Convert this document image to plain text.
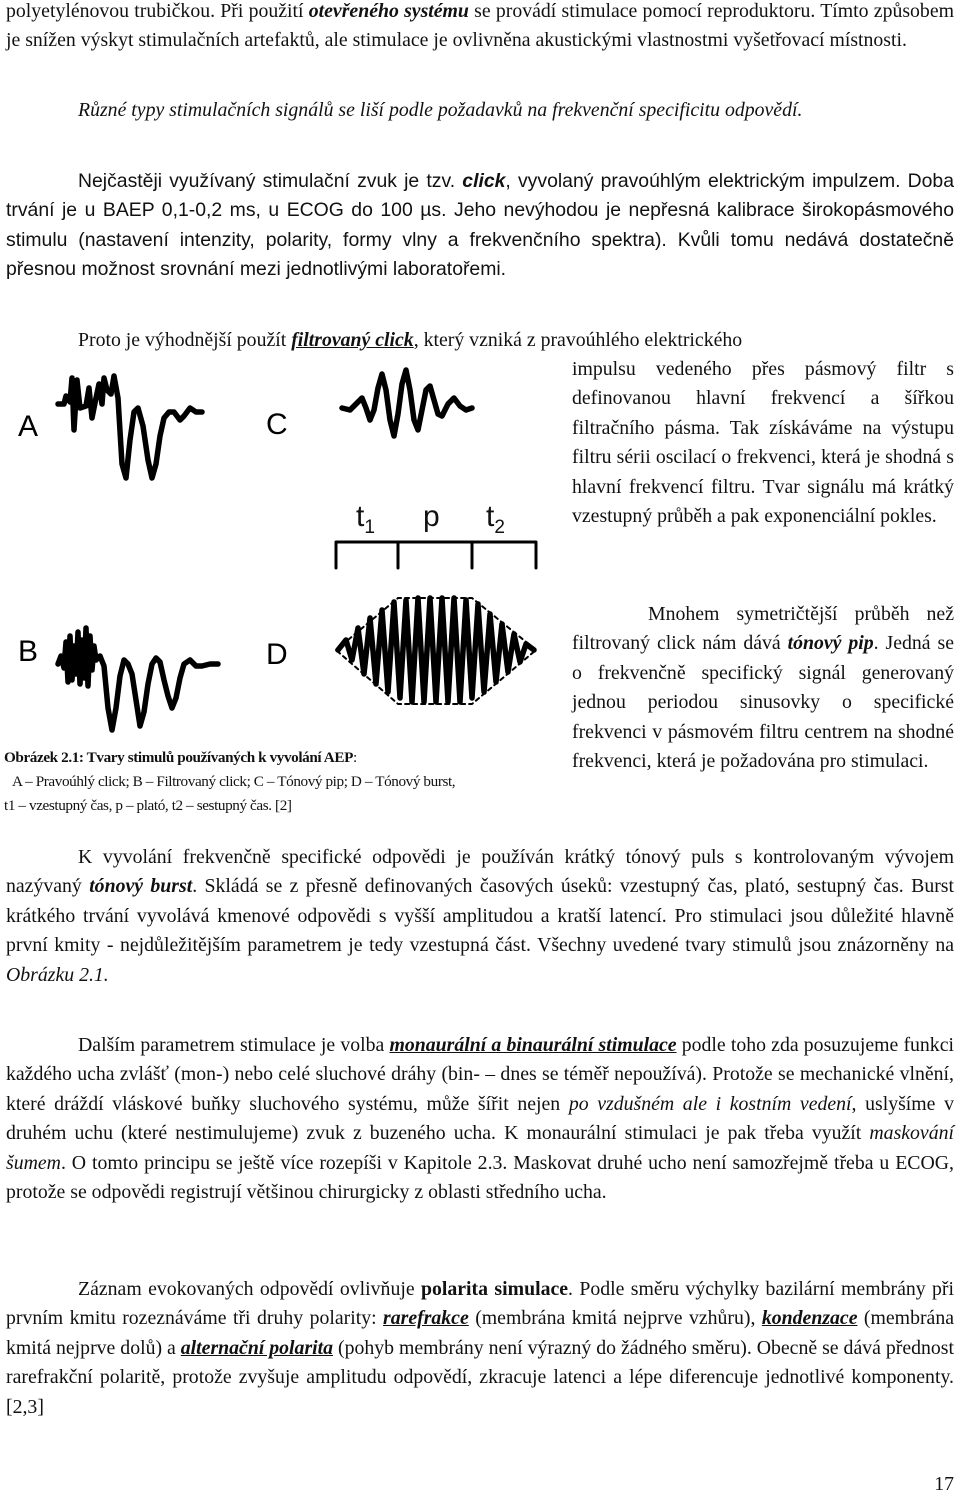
polyetylénovou trubičkou. Při použití otevřeného systému se provádí stimulace pomocí reproduktoru. Tímto způsobem je snížen výskyt stimulačních artefaktů, ale stimulace je ovlivněna akustickými vlastnostmi vyšetřovací místnosti.

Různé typy stimulačních signálů se liší podle požadavků na frekvenční specificitu odpovědí.

Nejčastěji využívaný stimulační zvuk je tzv. click, vyvolaný pravoúhlým elektrickým impulzem. Doba trvání je u BAEP 0,1-0,2 ms, u ECOG do 100 µs. Jeho nevýhodou je nepřesná kalibrace širokopásmového stimulu (nastavení intenzity, polarity, formy vlny a frekvenčního spektra). Kvůli tomu nedává dostatečně přesnou možnost srovnání mezi jednotlivými laboratořemi.

Proto je výhodnější použít filtrovaný click, který vzniká z pravoúhlého elektrického

impulsu vedeného přes pásmový filtr s definovanou hlavní frekvencí a šířkou filtračního pásma. Tak získáváme na výstupu filtru sérii oscilací o frekvenci, která je shodná s hlavní frekvencí filtru. Tvar signálu má krátký vzestupný průběh a pak exponenciální pokles.

Mnohem symetričtější průběh než filtrovaný click nám dává tónový pip. Jedná se o frekvenčně specifický signál generovaný jednou periodou sinusovky o specifické frekvenci v pásmovém filtru centrem na shodné frekvenci, která je požadována pro stimulaci.

A	C
B	D
$t_1$ p $t_2$
Obrázek 2.1: Tvary stimulů používaných k vyvolání AEP:
A – Pravoúhlý click; B – Filtrovaný click; C – Tónový pip; D – Tónový burst,
t1 – vzestupný čas, p – plató, t2 – sestupný čas. [2]

K vyvolání frekvenčně specifické odpovědi je používán krátký tónový puls s kontrolovaným vývojem nazývaný tónový burst. Skládá se z přesně definovaných časových úseků: vzestupný čas, plató, sestupný čas. Burst krátkého trvání vyvolává kmenové odpovědi s vyšší amplitudou a kratší latencí. Pro stimulaci jsou důležité hlavně první kmity - nejdůležitějším parametrem je tedy vzestupná část. Všechny uvedené tvary stimulů jsou znázorněny na Obrázku 2.1.

Dalším parametrem stimulace je volba monaurální a binaurální stimulace podle toho zda posuzujeme funkci každého ucha zvlášť (mon-) nebo celé sluchové dráhy (bin- – dnes se téměř nepoužívá). Protože se mechanické vlnění, které dráždí vláskové buňky sluchového systému, může šířit nejen po vzdušném ale i kostním vedení, uslyšíme v druhém uchu (které nestimulujeme) zvuk z buzeného ucha. K monaurální stimulaci je pak třeba využít maskování šumem. O tomto principu se ještě více rozepíši v Kapitole 2.3. Maskovat druhé ucho není samozřejmě třeba u ECOG, protože se odpovědi registrují většinou chirurgicky z oblasti středního ucha.

Záznam evokovaných odpovědí ovlivňuje polarita simulace. Podle směru výchylky bazilární membrány při prvním kmitu rozeznáváme tři druhy polarity: rarefrakce (membrána kmitá nejprve vzhůru), kondenzace (membrána kmitá nejprve dolů) a alternační polarita (pohyb membrány není výrazný do žádného směru). Obecně se dává přednost rarefrakční polaritě, protože zvyšuje amplitudu odpovědí, zkracuje latenci a lépe diferencuje jednotlivé komponenty.[2,3]

17
